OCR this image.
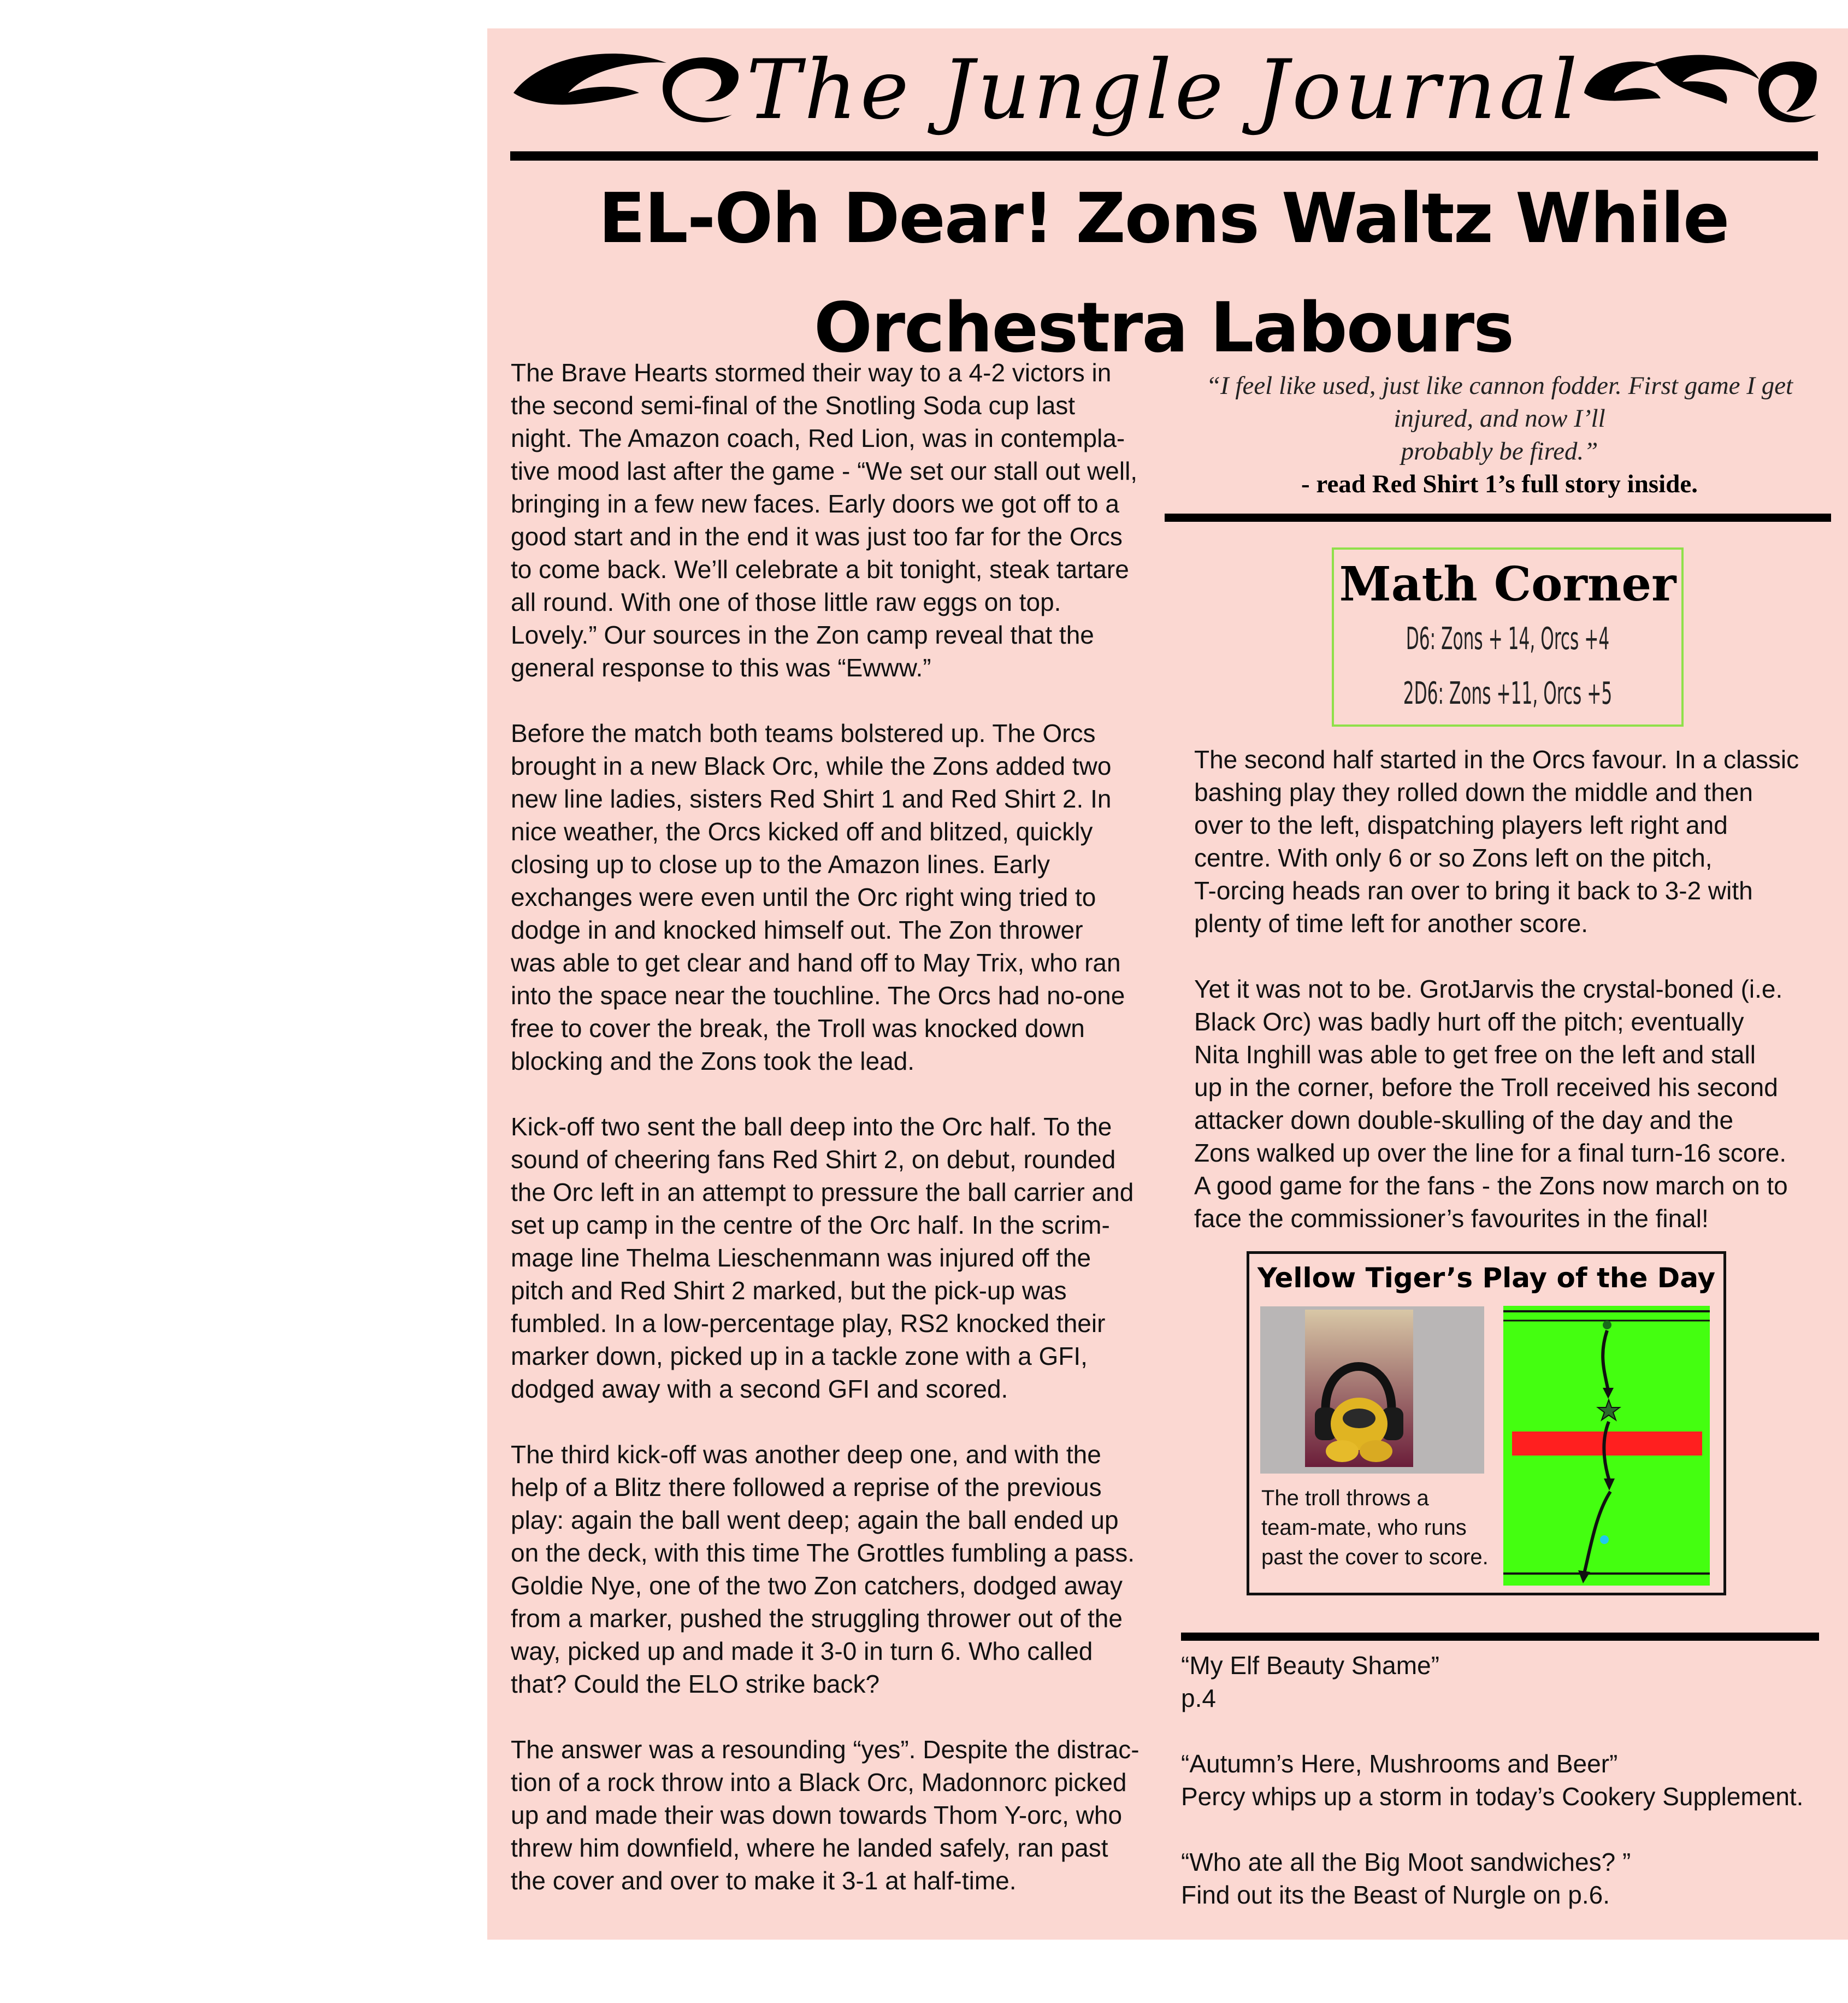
The Jungle Journal
EL-Oh Dear! Zons Waltz While Orchestra Labours

The Brave Hearts stormed their way to a 4-2 victors in
the second semi-final of the Snotling Soda cup last
night. The Amazon coach, Red Lion, was in contempla-
tive mood last after the game - “We set our stall out well,
bringing in a few new faces. Early doors we got off to a
good start and in the end it was just too far for the Orcs
to come back. We’ll celebrate a bit tonight, steak tartare
all round. With one of those little raw eggs on top.
Lovely.” Our sources in the Zon camp reveal that the
general response to this was “Ewww.”

Before the match both teams bolstered up. The Orcs
brought in a new Black Orc, while the Zons added two
new line ladies, sisters Red Shirt 1 and Red Shirt 2. In
nice weather, the Orcs kicked off and blitzed, quickly
closing up to close up to the Amazon lines. Early
exchanges were even until the Orc right wing tried to
dodge in and knocked himself out. The Zon thrower
was able to get clear and hand off to May Trix, who ran
into the space near the touchline. The Orcs had no-one
free to cover the break, the Troll was knocked down
blocking and the Zons took the lead.

Kick-off two sent the ball deep into the Orc half. To the
sound of cheering fans Red Shirt 2, on debut, rounded
the Orc left in an attempt to pressure the ball carrier and
set up camp in the centre of the Orc half. In the scrim-
mage line Thelma Lieschenmann was injured off the
pitch and Red Shirt 2 marked, but the pick-up was
fumbled. In a low-percentage play, RS2 knocked their
marker down, picked up in a tackle zone with a GFI,
dodged away with a second GFI and scored.

The third kick-off was another deep one, and with the
help of a Blitz there followed a reprise of the previous
play: again the ball went deep; again the ball ended up
on the deck, with this time The Grottles fumbling a pass.
Goldie Nye, one of the two Zon catchers, dodged away
from a marker, pushed the struggling thrower out of the
way, picked up and made it 3-0 in turn 6. Who called
that? Could the ELO strike back?

The answer was a resounding “yes”. Despite the distrac-
tion of a rock throw into a Black Orc, Madonnorc picked
up and made their was down towards Thom Y-orc, who
threw him downfield, where he landed safely, ran past
the cover and over to make it 3-1 at half-time.

“I feel like used, just like cannon fodder. First game I get
injured, and now I’ll
probably be fired.”
- read Red Shirt 1’s full story inside.
Math Corner
D6: Zons + 14, Orcs +4
2D6: Zons +11, Orcs +5

The second half started in the Orcs favour. In a classic
bashing play they rolled down the middle and then
over to the left, dispatching players left right and
centre. With only 6 or so Zons left on the pitch,
T-orcing heads ran over to bring it back to 3-2 with
plenty of time left for another score.

Yet it was not to be. GrotJarvis the crystal-boned (i.e.
Black Orc) was badly hurt off the pitch; eventually
Nita Inghill was able to get free on the left and stall
up in the corner, before the Troll received his second
attacker down double-skulling of the day and the
Zons walked up over the line for a final turn-16 score.
A good game for the fans - the Zons now march on to
face the commissioner’s favourites in the final!

Yellow Tiger’s Play of the Day
The troll throws a
team-mate, who runs
past the cover to score.
“My Elf Beauty Shame”
p.4
“Autumn’s Here, Mushrooms and Beer”
Percy whips up a storm in today’s Cookery Supplement.
“Who ate all the Big Moot sandwiches? ”
Find out its the Beast of Nurgle on p.6.
